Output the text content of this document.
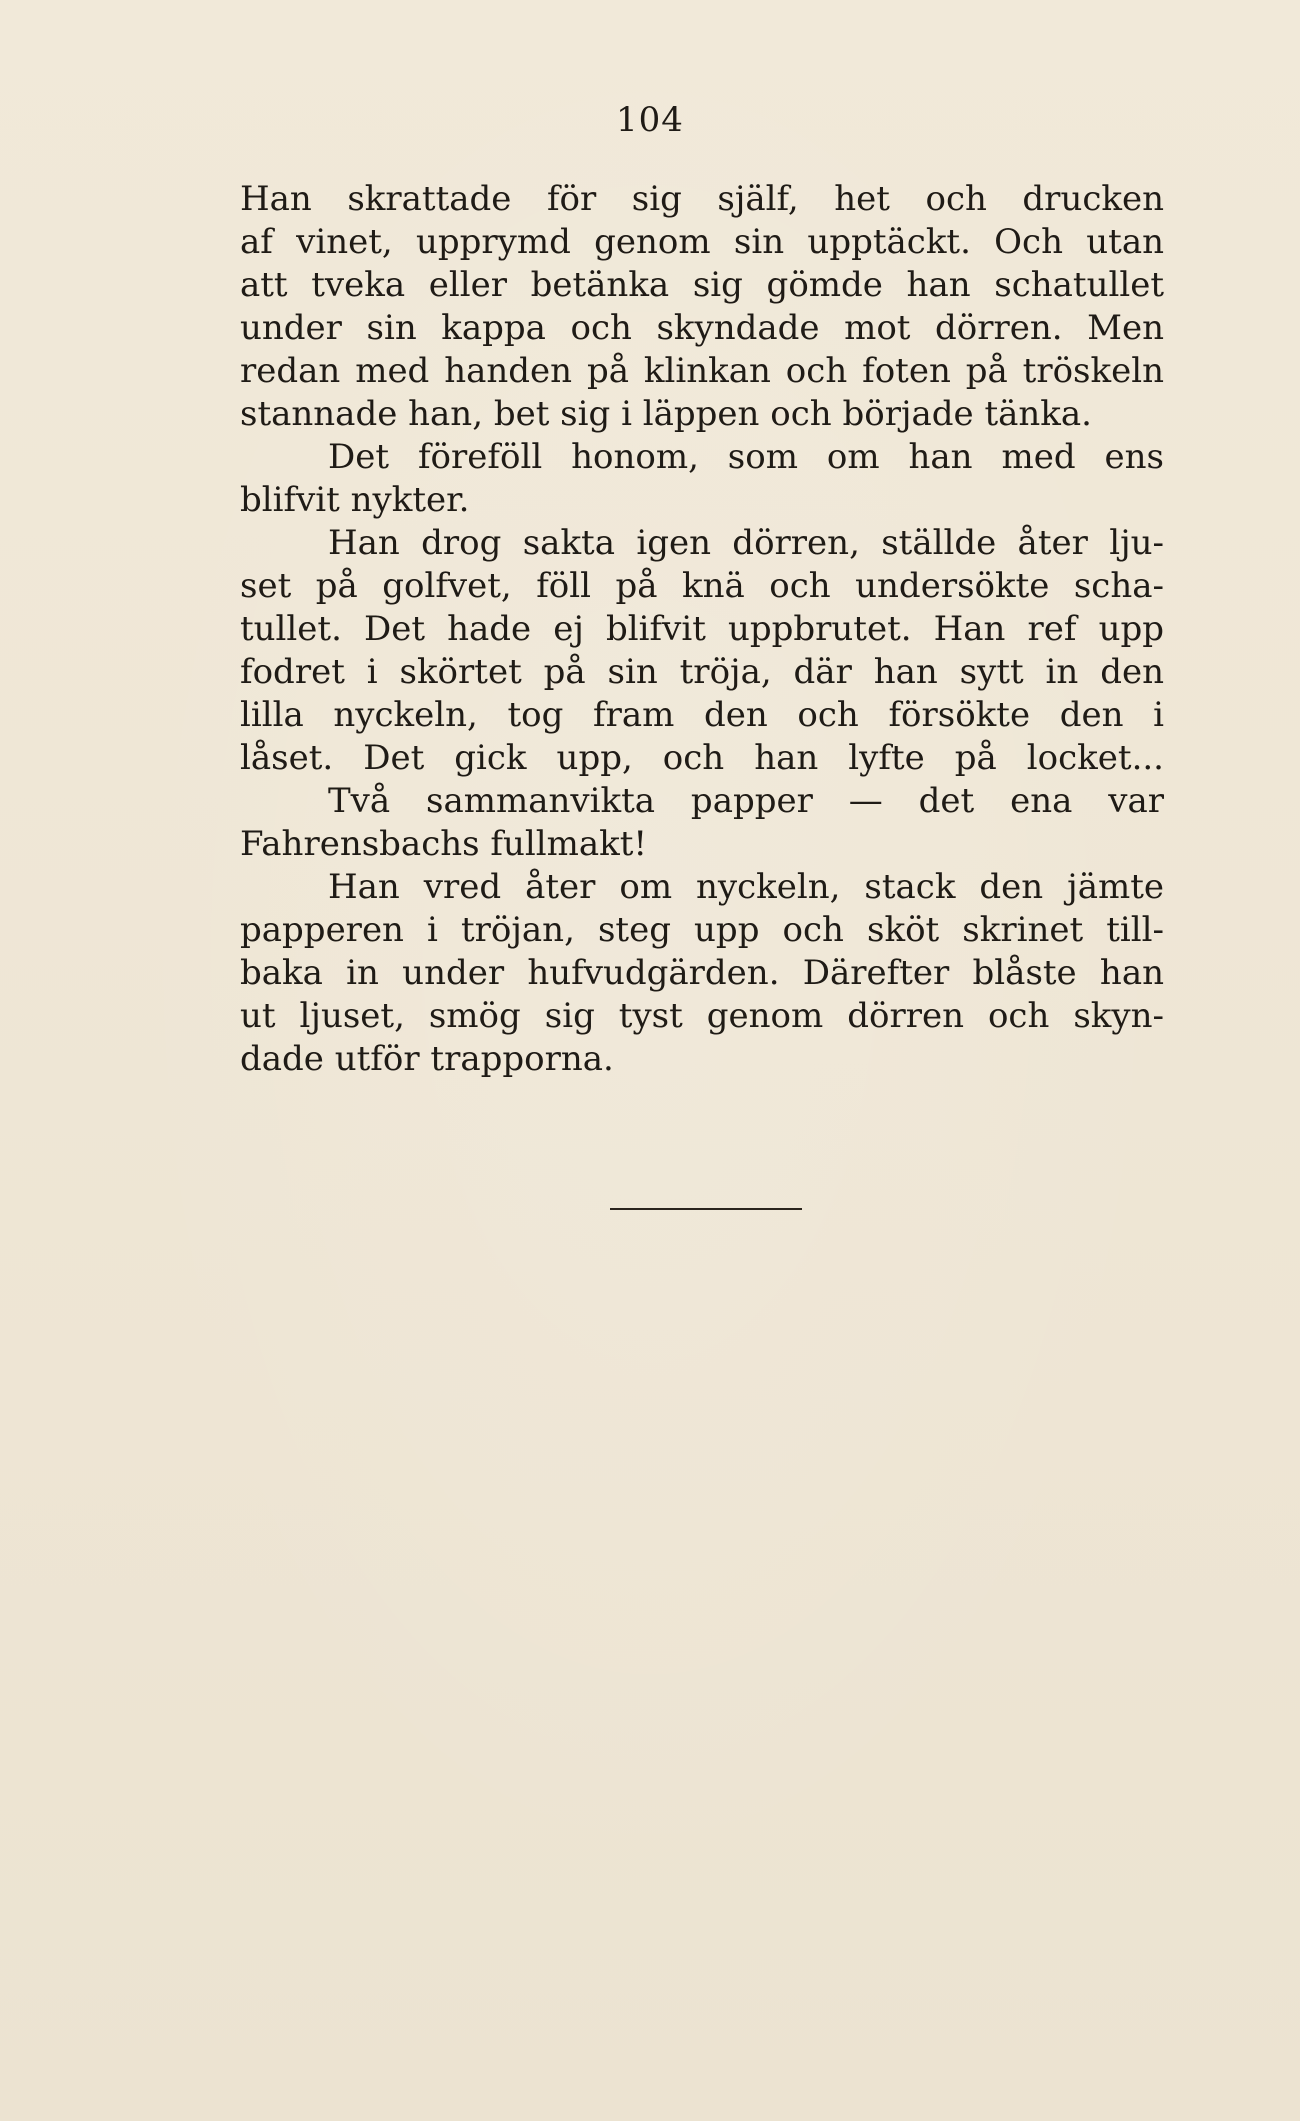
104
Han skrattade för sig själf, het och drucken
af vinet, upprymd genom sin upptäckt. Och utan
att tveka eller betänka sig gömde han schatullet
under sin kappa och skyndade mot dörren. Men
redan med handen på klinkan och foten på tröskeln
stannade han, bet sig i läppen och började tänka.
Det föreföll honom, som om han med ens
blifvit nykter.
Han drog sakta igen dörren, ställde åter lju-
set på golfvet, föll på knä och undersökte scha-
tullet. Det hade ej blifvit uppbrutet. Han ref upp
fodret i skörtet på sin tröja, där han sytt in den
lilla nyckeln, tog fram den och försökte den i
låset. Det gick upp, och han lyfte på locket...
Två sammanvikta papper — det ena var
Fahrensbachs fullmakt!
Han vred åter om nyckeln, stack den jämte
papperen i tröjan, steg upp och sköt skrinet till-
baka in under hufvudgärden. Därefter blåste han
ut ljuset, smög sig tyst genom dörren och skyn-
dade utför trapporna.
